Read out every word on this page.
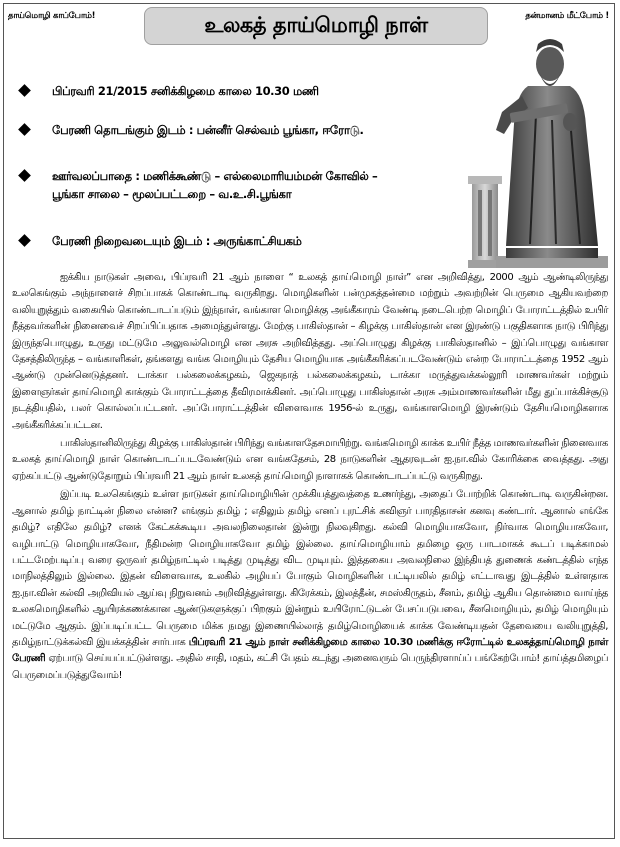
தாய்மொழி காப்போம்!	உலகத் தாய்மொழி நாள்	தன்மானம் மீட்போம் !
பிப்ரவரி 21/2015 சனிக்கிழமை காலை 10.30 மணி
பேரணி தொடங்கும் இடம் : பன்னீர் செல்வம் பூங்கா, ஈரோடு.
ஊர்வலப்பாதை : மணிக்கூண்டு – எல்லைமாரியம்மன் கோவில் –
பூங்கா சாலை – மூலப்பட்டறை – வ.உ.சி.பூங்கா
பேரணி நிறைவடையும் இடம் : அருங்காட்சியகம்

ஐக்கிய நாடுகள் அவை, பிப்ரவரி 21 ஆம் நாளை “ உலகத் தாய்மொழி நாள்” என அறிவித்து, 2000 ஆம் ஆண்டிலிருந்து உலகெங்கும் அந்நாளைச் சிறப்பாகக் கொண்டாடி வருகிறது. மொழிகளின் பன்முகத்தன்மை மற்றும் அவற்றின் பெருமை ஆகியவற்றை வலியுறுத்தும் வகையில் கொண்டாடப்படும் இந்நாள், வங்காள மொழிக்கு அங்கீகாரம் வேண்டி நடைபெற்ற மொழிப் போராட்டத்தில் உயிர் நீத்தவர்களின் நினைவைச் சிறப்பிப்பதாக அமைந்துள்ளது. மேற்கு பாகிஸ்தான் – கிழக்கு பாகிஸ்தான் என இரண்டு பகுதிகளாக நாடு பிரிந்து இருந்தபொழுது, உருது மட்டுமே அலுவல்மொழி என அரசு அறிவித்தது. அப்பொழுது கிழக்கு பாகிஸ்தானில் – இப்பொழுது வங்காள தேசத்திலிருந்த – வங்காளிகள், தங்களது வங்க மொழியும் தேசிய மொழியாக அங்கீகரிக்கப்படவேண்டும் என்ற போராட்டத்தை 1952 ஆம் ஆண்டு முன்னெடுத்தனர். டாக்கா பல்கலைக்கழகம், ஜெகநாத் பல்கலைக்கழகம், டாக்கா மருத்துவக்கல்லூரி மாணவர்கள் மற்றும் இளைஞர்கள் தாய்மொழி காக்கும் போராட்டத்தை தீவிரமாக்கினர். அப்பொழுது பாகிஸ்தான் அரசு அம்மாணவர்களின் மீது துப்பாக்கிச்சூடு நடத்தியதில், பலர் கொல்லப்பட்டனர். அப்போராட்டத்தின் விளைவாக 1956-ல் உருது, வங்காளமொழி இரண்டும் தேசியமொழிகளாக அங்கீகரிக்கப்பட்டன.

பாகிஸ்தானிலிருந்து கிழக்கு பாகிஸ்தான் பிரிந்து வங்காளதேசமாயிற்று. வங்கமொழி காக்க உயிர் நீத்த மாணவர்களின் நினைவாக உலகத் தாய்மொழி நாள் கொண்டாடப்படவேண்டும் என வங்கதேசம், 28 நாடுகளின் ஆதரவுடன் ஐ.நா.வில் கோரிக்கை வைத்தது. அது ஏற்கப்பட்டு ஆண்டுதோறும் பிப்ரவரி 21 ஆம் நாள் உலகத் தாய்மொழி நாளாகக் கொண்டாடப்பட்டு வருகிறது.

இப்படி உலகெங்கும் உள்ள நாடுகள் தாய்மொழியின் முக்கியத்துவத்தை உணர்ந்து, அதைப் போற்றிக் கொண்டாடி வருகின்றன. ஆனால் தமிழ் நாட்டின் நிலை என்ன? எங்கும் தமிழ் ; எதிலும் தமிழ் எனப் புரட்சிக் கவிஞர் பாரதிதாசன் கனவு கண்டார். ஆனால் எங்கே தமிழ்? எதிலே தமிழ்? எனக் கேட்கக்கூடிய அவலநிலைதான் இன்று நிலவுகிறது. கல்வி மொழியாகவோ, நிர்வாக மொழியாகவோ, வழிபாட்டு மொழியாகவோ, நீதிமன்ற மொழியாகவோ தமிழ் இல்லை. தாய்மொழியாம் தமிழை ஒரு பாடமாகக் கூடப் படிக்காமல் பட்டமேற்படிப்பு வரை ஒருவர் தமிழ்நாட்டில் படித்து முடித்து விட முடியும். இத்தகைய அவலநிலை இந்தியத் துணைக் கண்டத்தில் எந்த மாநிலத்திலும் இல்லை. இதன் விளைவாக, உலகில் அழியப் போகும் மொழிகளின் பட்டியலில் தமிழ் எட்டாவது இடத்தில் உள்ளதாக ஐ.நா.வின் கல்வி அறிவியல் ஆய்வு நிறுவனம் அறிவித்துள்ளது. கிரேக்கம், இலத்தீன், சமஸ்கிருதம், சீனம், தமிழ் ஆகிய தொன்மை வாய்ந்த உலகமொழிகளில் ஆயிரக்கணக்கான ஆண்டுகளுக்குப் பிறகும் இன்றும் உயிரோட்டுடன் பேசப்படுபவை, சீனமொழியும், தமிழ் மொழியும் மட்டுமே ஆகும். இப்படிப்பட்ட பெருமை மிக்க நமது இணையில்லாத் தமிழ்மொழியைக் காக்க வேண்டியதன் தேவையை வலியுறுத்தி, தமிழ்நாட்டுக்கல்வி இயக்கத்தின் சார்பாக பிப்ரவரி 21 ஆம் நாள் சனிக்கிழமை காலை 10.30 மணிக்கு ஈரோட்டில் உலகத்தாய்மொழி நாள் பேரணி ஏற்பாடு செய்யப்பட்டுள்ளது. அதில் சாதி, மதம், கட்சி பேதம் கடந்து அனைவரும் பெருந்திரளாய்ப் பங்கேற்போம்! தாய்த்தமிழைப் பெருமைப்படுத்துவோம்!
